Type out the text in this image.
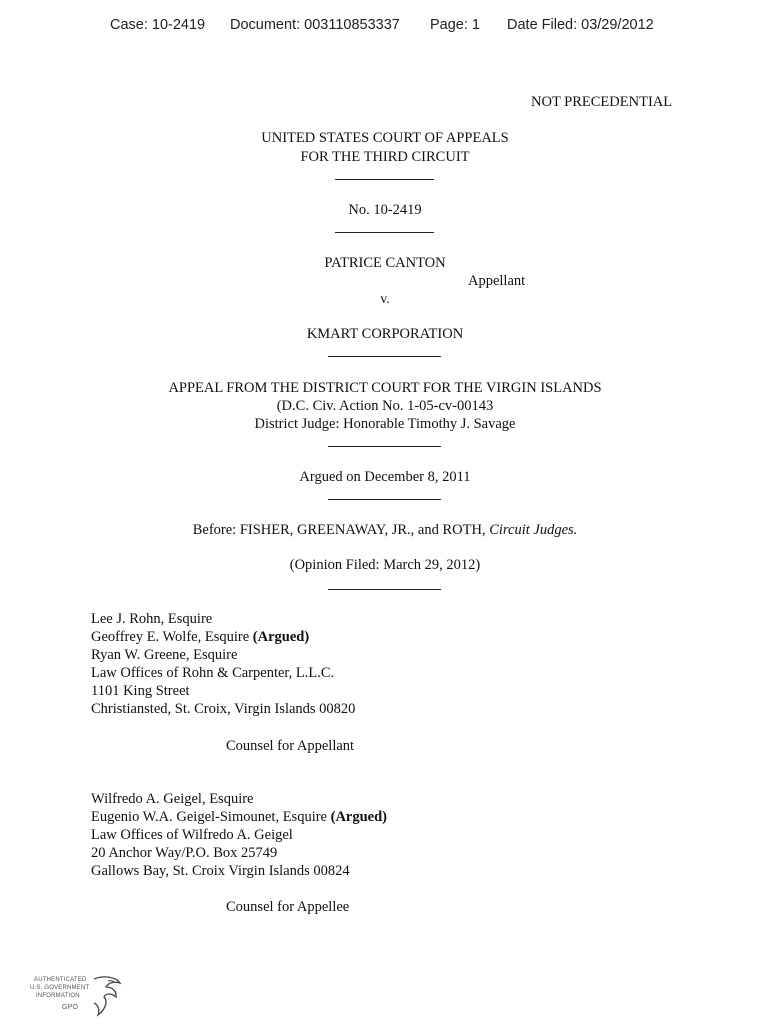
Case: 10-2419 Document: 003110853337 Page: 1 Date Filed: 03/29/2012
NOT PRECEDENTIAL
UNITED STATES COURT OF APPEALS
FOR THE THIRD CIRCUIT
No. 10-2419
PATRICE CANTON
Appellant
v.
KMART CORPORATION
APPEAL FROM THE DISTRICT COURT FOR THE VIRGIN ISLANDS
(D.C. Civ. Action No. 1-05-cv-00143
District Judge: Honorable Timothy J. Savage
Argued on December 8, 2011
Before: FISHER, GREENAWAY, JR., and ROTH, Circuit Judges.
(Opinion Filed: March 29, 2012)
Lee J. Rohn, Esquire
Geoffrey E. Wolfe, Esquire (Argued)
Ryan W. Greene, Esquire
Law Offices of Rohn & Carpenter, L.L.C.
1101 King Street
Christiansted, St. Croix, Virgin Islands 00820
Counsel for Appellant
Wilfredo A. Geigel, Esquire
Eugenio W.A. Geigel-Simounet, Esquire (Argued)
Law Offices of Wilfredo A. Geigel
20 Anchor Way/P.O. Box 25749
Gallows Bay, St. Croix Virgin Islands 00824
Counsel for Appellee
AUTHENTICATED
U.S. GOVERNMENT
INFORMATION
GPO
